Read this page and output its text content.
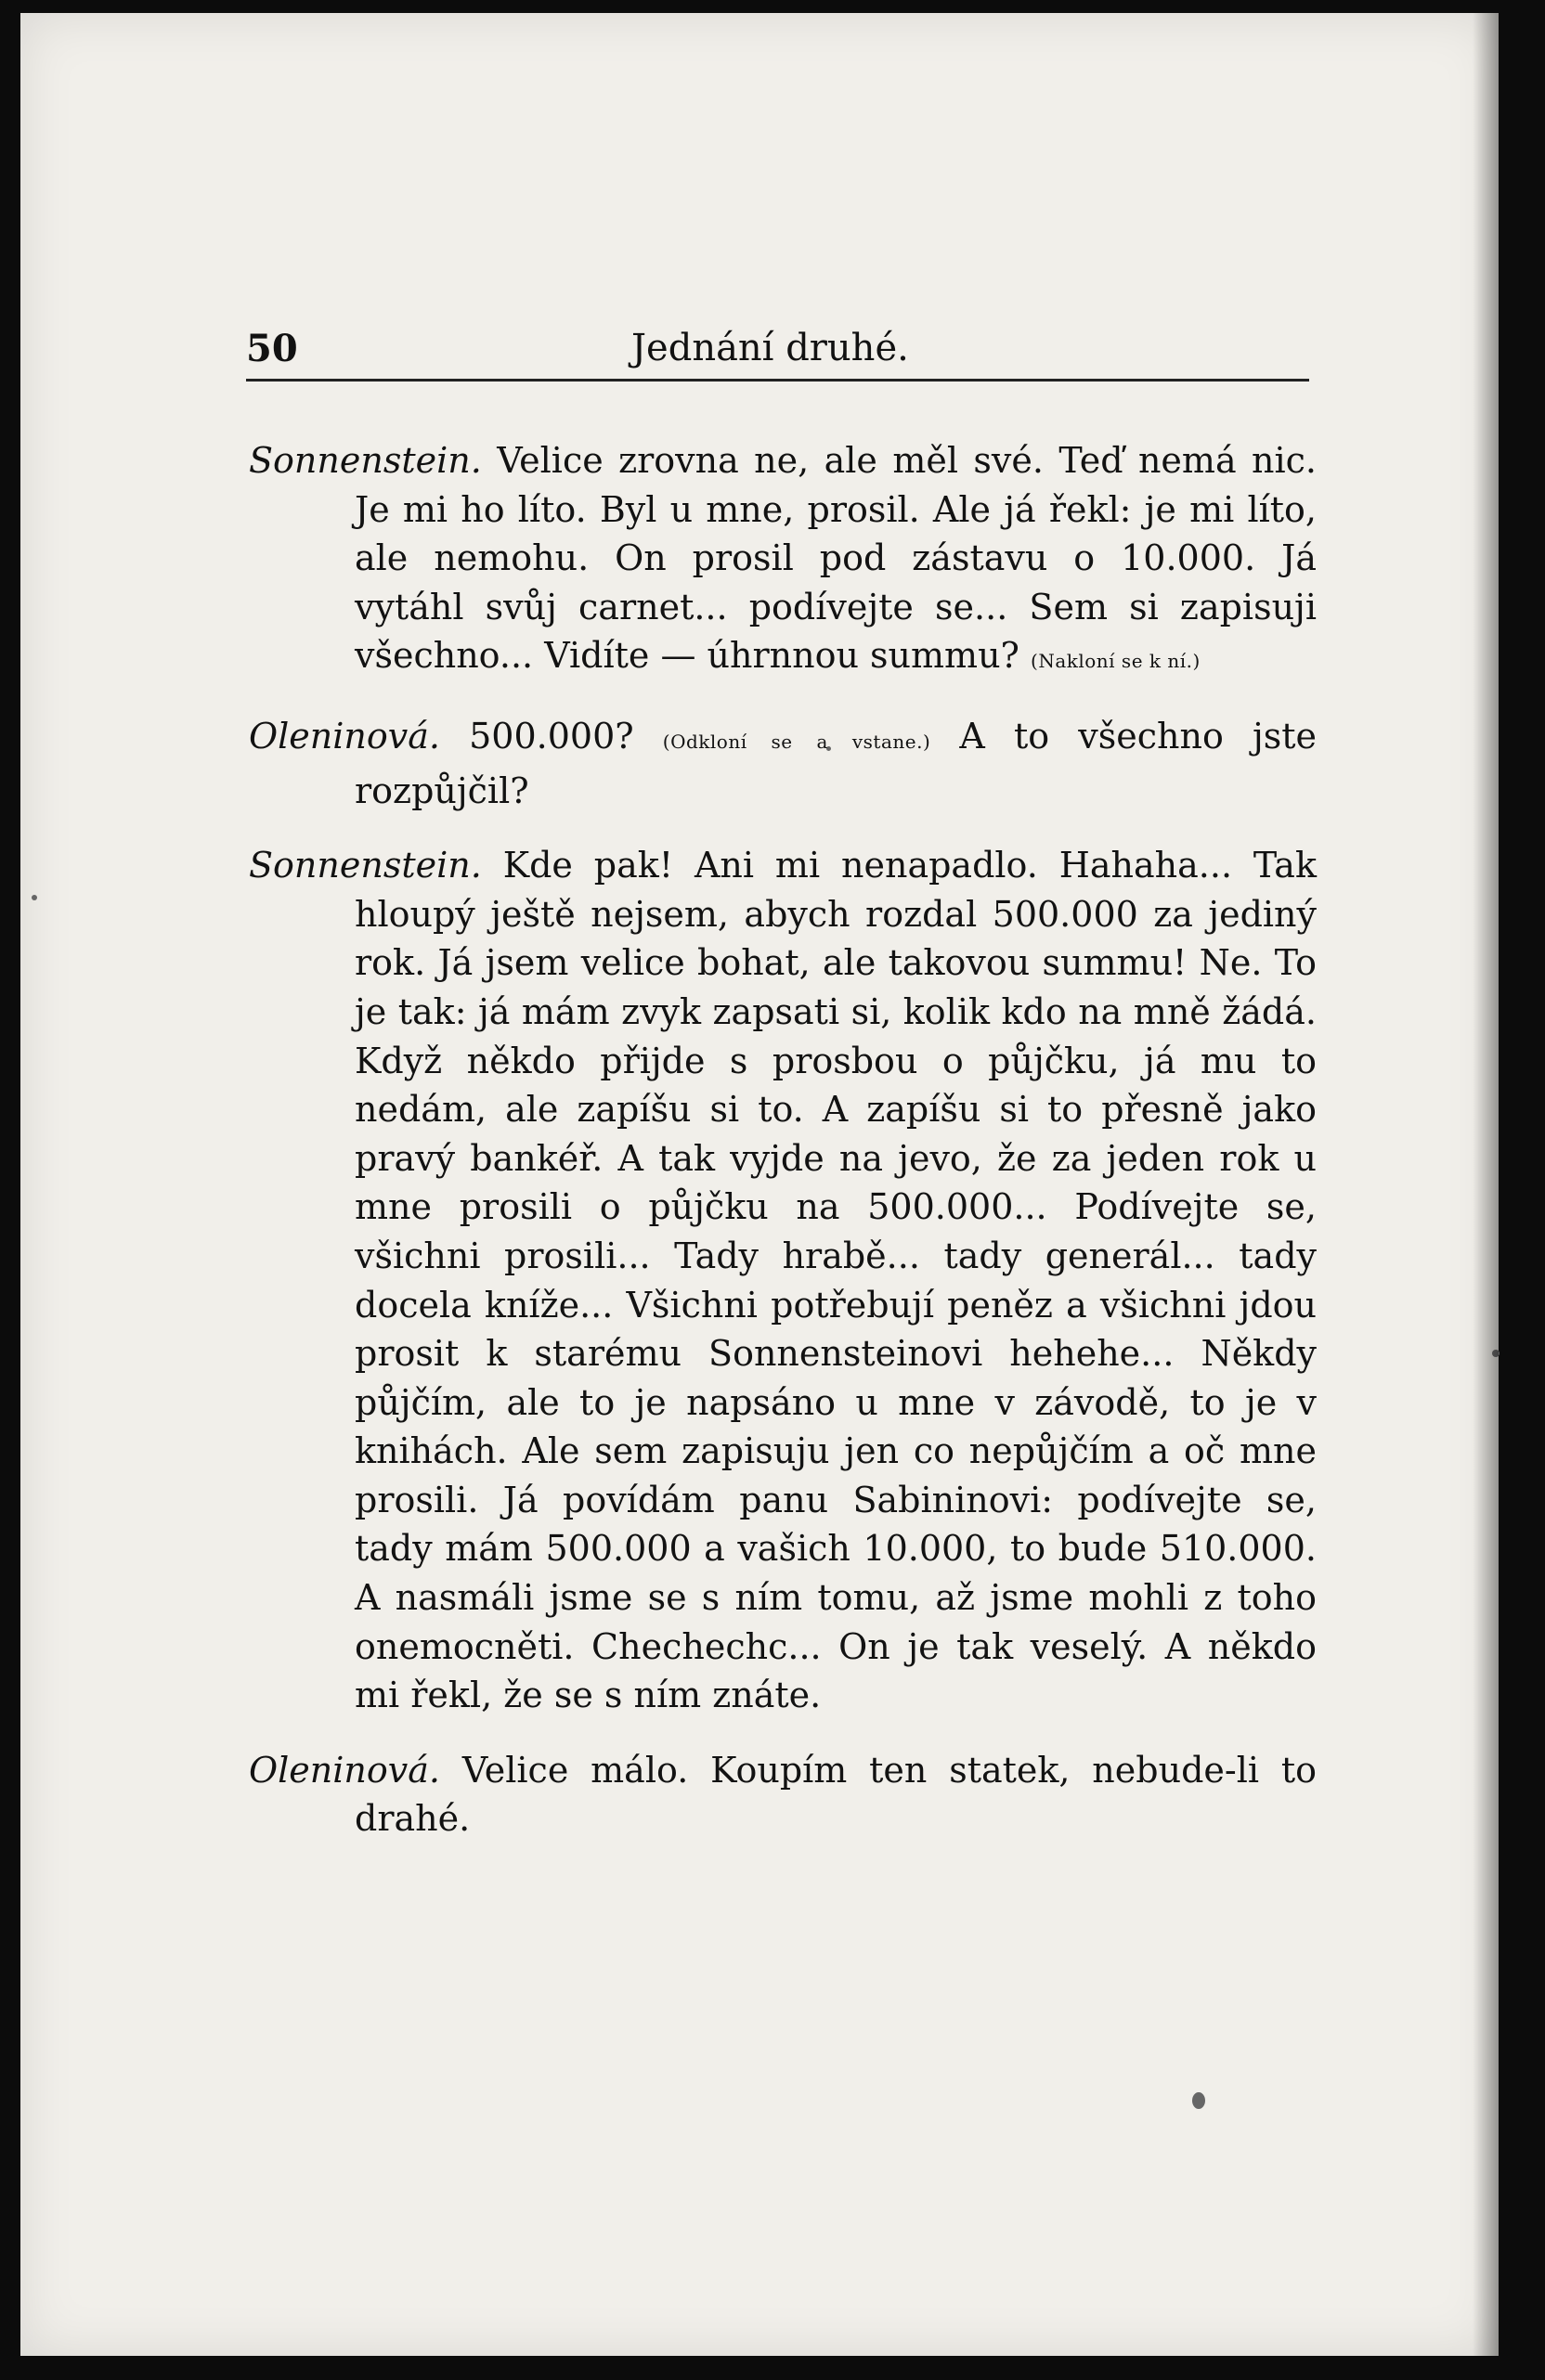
50	Jednání druhé.

Sonnenstein. Velice zrovna ne, ale měl své. Teď nemá nic. Je mi ho líto. Byl u mne, prosil. Ale já řekl: je mi líto, ale nemohu. On prosil pod zástavu o 10.000. Já vytáhl svůj carnet... podívejte se... Sem si zapisuji všechno... Vidíte — úhrnnou summu? (Nakloní se k ní.)

Oleninová. 500.000? (Odkloní se a vstane.) A to všechno jste rozpůjčil?

Sonnenstein. Kde pak! Ani mi nenapadlo. Hahaha... Tak hloupý ještě nejsem, abych rozdal 500.000 za jediný rok. Já jsem velice bohat, ale takovou summu! Ne. To je tak: já mám zvyk zapsati si, kolik kdo na mně žádá. Když někdo přijde s prosbou o půjčku, já mu to nedám, ale zapíšu si to. A zapíšu si to přesně jako pravý bankéř. A tak vyjde na jevo, že za jeden rok u mne prosili o půjčku na 500.000... Podívejte se, všichni prosili... Tady hrabě... tady generál... tady docela kníže... Všichni potřebují peněz a všichni jdou prosit k starému Sonnensteinovi hehehe... Někdy půjčím, ale to je napsáno u mne v závodě, to je v knihách. Ale sem zapisuju jen co nepůjčím a oč mne prosili. Já povídám panu Sabininovi: podívejte se, tady mám 500.000 a vašich 10.000, to bude 510.000. A nasmáli jsme se s ním tomu, až jsme mohli z toho onemocněti. Chechechc... On je tak veselý. A někdo mi řekl, že se s ním znáte.

Oleninová. Velice málo. Koupím ten statek, nebude-li to drahé.
